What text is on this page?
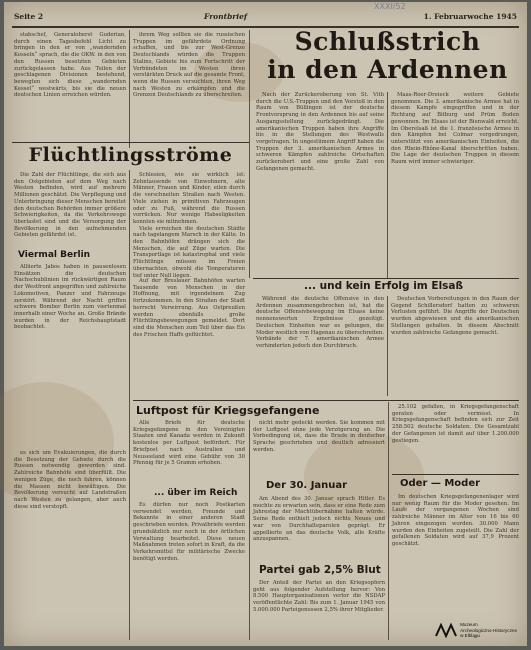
Seite 2	Frontbrief	1. Februarwoche 1945
XXXI/52

stabschef, Generaloberst Guderian, durch einen Tagesbefehl Licht zu bringen in den er von „wandernden Kesseln“ sprach, die die OKW. in den von den Russen besetzten Gebieten zurückgelassen habe. Aus Teilen der geschlagenen Divisionen bestehend, bewegten sich diese „wandernden Kessel“ westwärts, bis sie die neuen deutschen Linien erreichen würden.

ihrem Weg sollten sie die russischen Truppen im gefährdete Ordnung schaffen, und bis zur West-Grenze Deutschlands würden die Truppen Stalins, Gebiete bis zum Fortschritt der Verbündeten im Westen ihren verstärkten Druck auf die gesamte Front, wenn die Russen versuchten, ihren Weg nach Westen zu erkämpfen und die Grenzen Deutschlands zu überschreiten.

Schlußstrich
in den Ardennen

Nach der Zurückeroberung von St. Vith durch die U.S.-Truppen und den Vorstoß in den Raum von Büllingen ist der deutsche Frontvorsprung in den Ardennen bis auf seine Ausgangsstellung zurückgedrängt. Die amerikanischen Truppen haben ihre Angriffe bis in die Stellungen des Westwalls vorgetragen. In ungestümem Angriff haben die Truppen der 3. amerikanischen Armee in schweren Kämpfen zahlreiche Ortschaften zurückerobert und eine große Zahl von Gefangenen gemacht.

Maas-Roer-Dreieck weitere Gebiete genommen. Die 3. amerikanische Armee hat in diesem Kampfe eingegriffen und in der Richtung auf Bitburg und Prüm Boden gewonnen. Im Elsass ist der Bienwald erreicht. Im Oberelsaß ist die 1. französische Armee in den Kämpfen bei Colmar vorgedrungen, unterstützt von amerikanischen Einheiten, die den Rhein-Rhône-Kanal überschritten haben. Die Lage der deutschen Truppen in diesem Raum wird immer schwieriger.

Flüchtlingsströme

Die Zahl der Flüchtlinge, die sich aus den Ostgebieten auf dem Weg nach Westen befinden, wird auf mehrere Millionen geschätzt. Die Verpflegung und Unterbringung dieser Menschen bereitet den deutschen Behörden immer größere Schwierigkeiten, da die Verkehrswege überlastet sind und die Versorgung der Bevölkerung in den aufnehmenden Gebieten gefährdet ist.

Schlesien, wie sie wirklich ist: Zehntausende von Einwohnern, alte Männer, Frauen und Kinder, eilen durch die verschneiten Straßen nach Westen. Viele ziehen in primitiven Fahrzeugen oder zu Fuß, während die Russen vorrücken. Nur wenige Habseligkeiten konnten sie mitnehmen.

Viele erreichen die deutschen Städte nach tagelangem Marsch in der Kälte. In den Bahnhöfen drängen sich die Menschen, die auf Züge warten. Die Transportlage ist katastrophal und viele Flüchtlinge müssen im Freien übernachten, obwohl die Temperaturen tief unter Null liegen.

Viermal Berlin

Alliierte Jabos haben in pausenlosen Einsätzen die deutschen Nachschublinien im rückwärtigen Raum der Westfront angegriffen und zahlreiche Lokomotiven, Panzer und Fahrzeuge zerstört. Während der Nacht griffen schwere Bomber Berlin zum viertenmal innerhalb einer Woche an. Große Brände wurden in der Reichshauptstadt beobachtet.

... und kein Erfolg im Elsaß

Während die deutsche Offensive in den Ardennen zusammengebrochen ist, hat die deutsche Offensivbewegung im Elsass keine nennenswerten Ergebnisse gezeitigt. Deutschen Einheiten war es gelungen, die Moder westlich von Hagenau zu überschreiten. Verbände der 7. amerikanischen Armee verhinderten jedoch den Durchbruch.

Deutschen Vorbereitungen in den Raum der Gegend Schillersdorf hatten zu schweren Verlusten geführt. Die Angriffe der Deutschen wurden abgewiesen und die amerikanischen Stellungen gehalten. In diesem Abschnitt wurden zahlreiche Gefangene gemacht.

Auf der Breslauer Bahnhöfen warten Tausende von Menschen in der Hoffnung, mit irgendeinem Zug fortzukommen. In den Straßen der Stadt herrscht Verwirrung. Aus Ostpreußen werden ebenfalls große Flüchtlingsbewegungen gemeldet. Dort sind die Menschen zum Teil über das Eis des Frischen Haffs geflüchtet.

es sich um Evakuierungen, die durch die Besetzung der Gebiete durch die Russen notwendig geworden sind. Zahlreiche Bahnhöfe sind überfüllt. Die wenigen Züge, die noch fahren, können die Massen nicht bewältigen. Die Bevölkerung versucht auf Landstraßen nach Westen zu gelangen, aber auch diese sind verstopft.

Luftpost für Kriegsgefangene

Alle Briefe für deutsche Kriegsgefangene in den Vereinigten Staaten und Kanada werden in Zukunft kostenlos per Luftpost befördert. Für Briefpost nach Australien und Neuseeland wird eine Gebühr von 30 Pfennig für je 5 Gramm erhoben.

nicht mehr gedeckt werden. Sie kommen mit der Luftpost ohne jede Verzögerung an. Die Vorbedingung ist, dass die Briefe in deutscher Sprache geschrieben und deutlich adressiert werden.

25.102 gefallen, in Kriegsgefangenschaft geraten oder vermisst. In Kriegsgefangenschaft befinden sich zur Zeit 258.502 deutsche Soldaten. Die Gesamtzahl der Gefangenen ist damit auf über 1.200.000 gestiegen.

... über im Reich

Es dürfen nur noch Postkarten verwendet werden, Freunde und Bekannte in einer anderen Stadt geschrieben werden. Privatbriefe werden grundsätzlich nur noch in der örtlichen Verwaltung bearbeitet. Diese neuen Maßnahmen treten sofort in Kraft, da die Verkehrsmittel für militärische Zwecke benötigt werden.

Der 30. Januar

Am Abend des 30. Januar sprach Hitler. Es mochte zu erwarten sein, dass er eine Rede zum Jahrestag der Machtübernahme halten würde. Seine Rede enthielt jedoch nichts Neues und war von Durchhalteparolen geprägt. Er appellierte an das deutsche Volk, alle Kräfte anzuspannen.

Partei gab 2,5% Blut

Der Anteil der Partei an den Kriegsopfern geht aus folgender Aufstellung hervor: Von 8.500 Hauptorganisationen verlor die NSDAP veröffentlichte Zahl: Bis zum 1. Januar 1945 von 5.000.000 Parteigenossen 2,5% ihrer Mitglieder.

Oder — Moder

Im deutschen Kriegsgefangenenlager wird nur wenig Raum für die Moder gesehen. Im Laufe der vergangenen Wochen sind zahlreiche Männer im Alter von 16 bis 60 Jahren eingezogen worden. 30.000 Mann wurden den Einheiten zugeteilt. Die Zahl der gefallenen Soldaten wird auf 37,9 Prozent geschätzt.

Muzeum
Archeologiczno-Historyczne
w Elblągu
